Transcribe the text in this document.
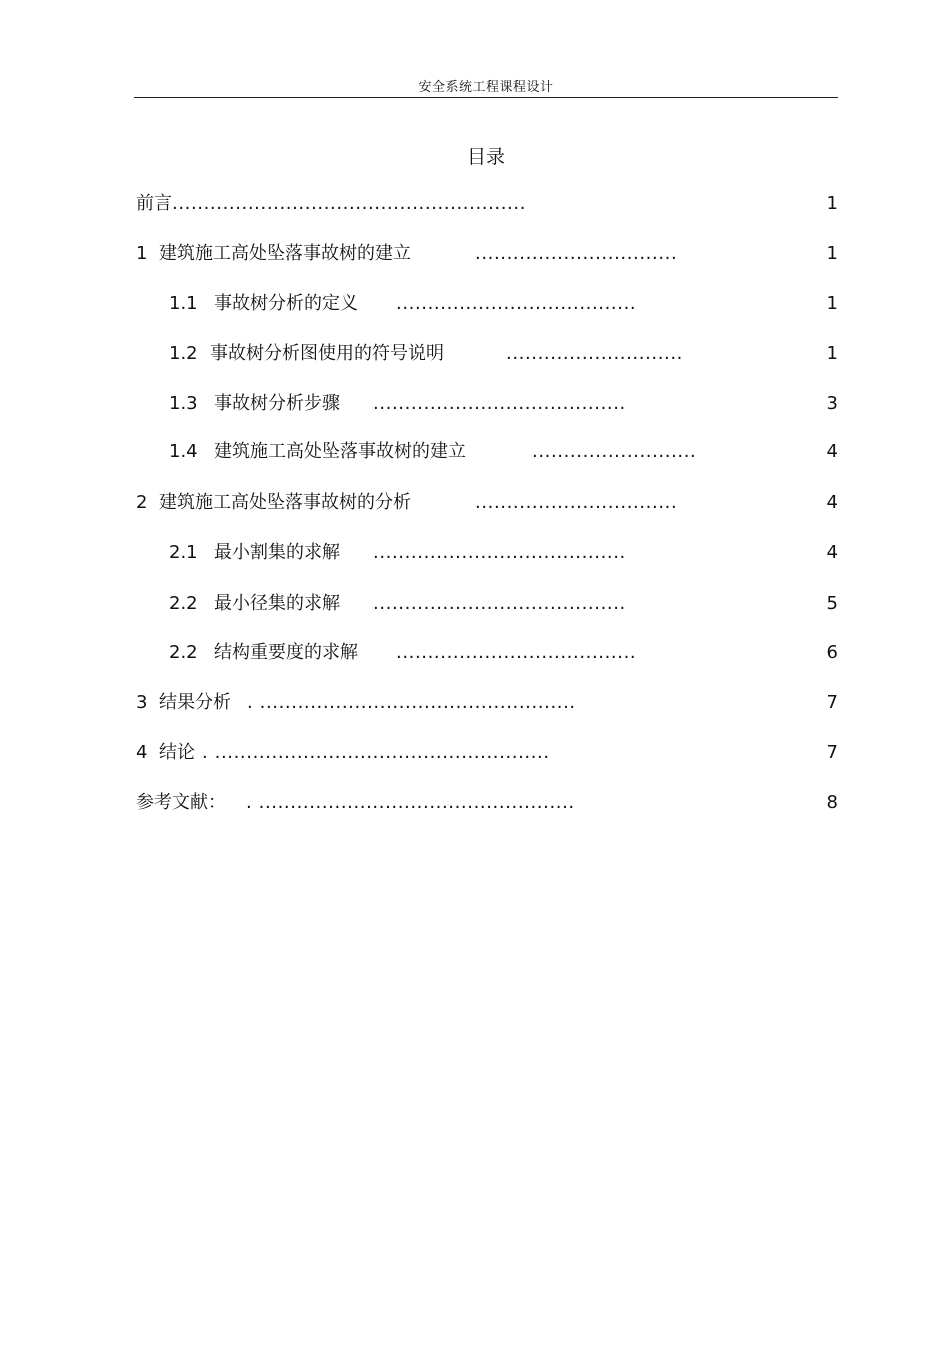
安全系统工程课程设计
目录
前言........................................................	1
1 建筑施工高处坠落事故树的建立	................................	1
1.1 事故树分析的定义 ......................................	1
1.2 事故树分析图使用的符号说明	............................	1
1.3 事故树分析步骤 ........................................	3
1.4 建筑施工高处坠落事故树的建立	..........................	4
2 建筑施工高处坠落事故树的分析	................................	4
2.1 最小割集的求解 ........................................	4
2.2 最小径集的求解 ........................................	5
2.2 结构重要度的求解 ......................................	6
3 结果分析 . ..................................................	7
4 结论 . .....................................................	7
参考文献： . ..................................................	8
